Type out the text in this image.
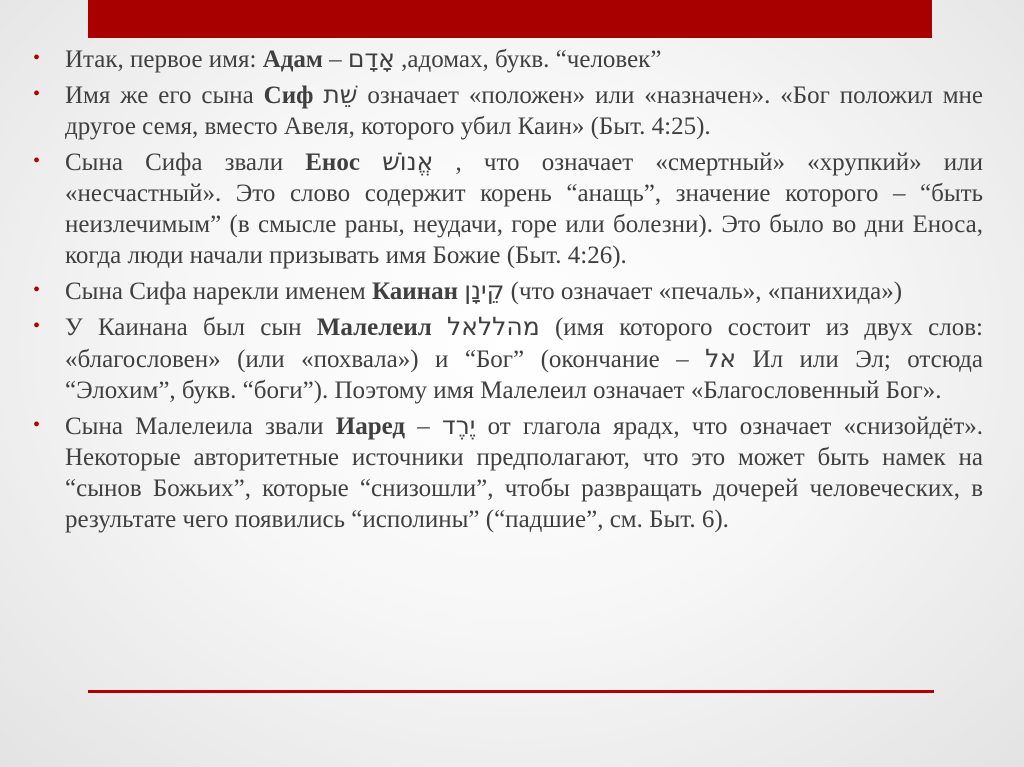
• Итак, первое имя: Адам – אָדָם ,адомах, букв. “человек”
• Имя же его сына Сиф שֵׁת означает «положен» или «назначен». «Бог положил мне другое семя, вместо Авеля, которого убил Каин» (Быт. 4:25).
• Сына Сифа звали Енос אֱנוֹשׁ , что означает «смертный» «хрупкий» или «несчастный». Это слово содержит корень “анащь”, значение которого – “быть неизлечимым” (в смысле раны, неудачи, горе или болезни). Это было во дни Еноса, когда люди начали призывать имя Божие (Быт. 4:26).
• Сына Сифа нарекли именем Каинан קֵינָן (что означает «печаль», «панихида»)
• У Каинана был сын Малелеил מהללאל (имя которого состоит из двух слов: «благословен» (или «похвала») и “Бог” (окончание – אל Ил или Эл; отсюда “Элохим”, букв. “боги”). Поэтому имя Малелеил означает «Благословенный Бог».
• Сына Малелеила звали Иаред – יֶרֶד от глагола ярадх, что означает «снизойдёт». Некоторые авторитетные источники предполагают, что это может быть намек на “сынов Божьих”, которые “снизошли”, чтобы развращать дочерей человеческих, в результате чего появились “исполины” (“падшие”, см. Быт. 6).
